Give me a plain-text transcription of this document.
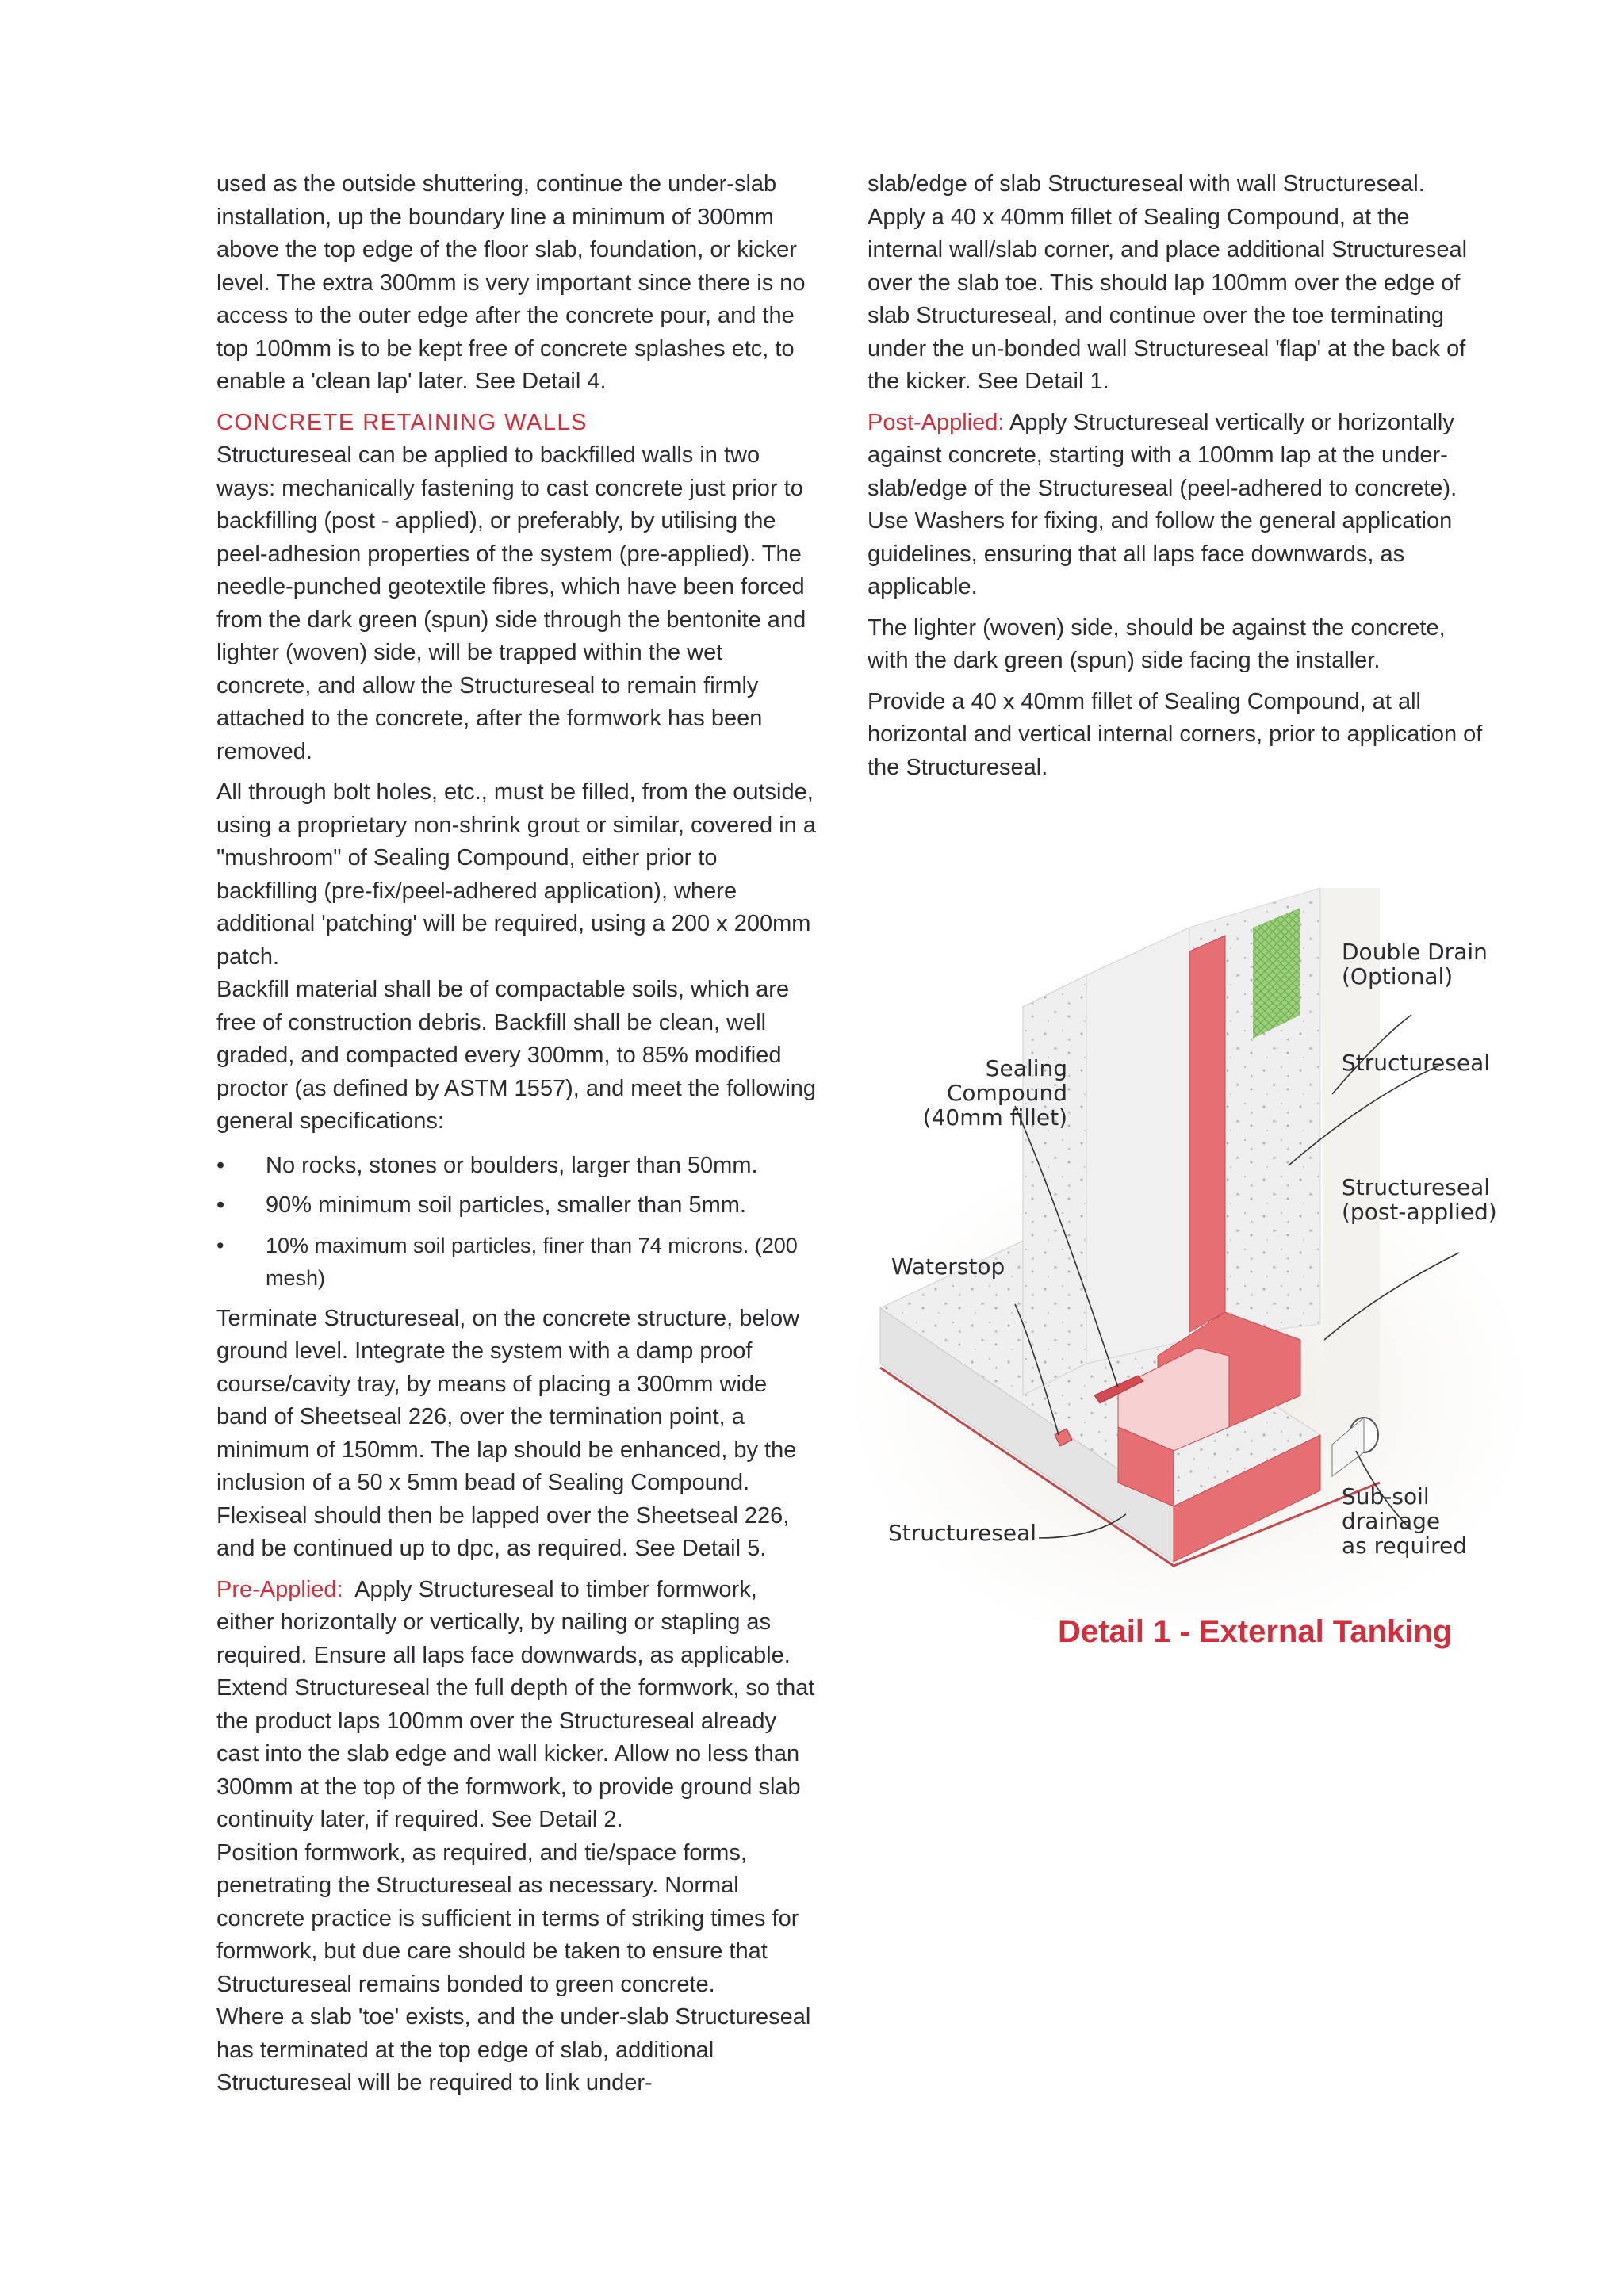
used as the outside shuttering, continue the under-slab installation, up the boundary line a minimum of 300mm above the top edge of the floor slab, foundation, or kicker level. The extra 300mm is very important since there is no access to the outer edge after the concrete pour, and the top 100mm is to be kept free of concrete splashes etc, to enable a 'clean lap' later. See Detail 4.

CONCRETE RETAINING WALLS

Structureseal can be applied to backfilled walls in two ways: mechanically fastening to cast concrete just prior to backfilling (post - applied), or preferably, by utilising the peel-adhesion properties of the system (pre-applied). The needle-punched geotextile fibres, which have been forced from the dark green (spun) side through the bentonite and lighter (woven) side, will be trapped within the wet concrete, and allow the Structureseal to remain firmly attached to the concrete, after the formwork has been removed.

All through bolt holes, etc., must be filled, from the outside, using a proprietary non-shrink grout or similar, covered in a "mushroom" of Sealing Compound, either prior to backfilling (pre-fix/peel-adhered application), where additional 'patching' will be required, using a 200 x 200mm patch.

Backfill material shall be of compactable soils, which are free of construction debris. Backfill shall be clean, well graded, and compacted every 300mm, to 85% modified proctor (as defined by ASTM 1557), and meet the following general specifications:

• No rocks, stones or boulders, larger than 50mm.
• 90% minimum soil particles, smaller than 5mm.
• 10% maximum soil particles, finer than 74 microns. (200 mesh)

Terminate Structureseal, on the concrete structure, below ground level. Integrate the system with a damp proof course/cavity tray, by means of placing a 300mm wide band of Sheetseal 226, over the termination point, a minimum of 150mm. The lap should be enhanced, by the inclusion of a 50 x 5mm bead of Sealing Compound. Flexiseal should then be lapped over the Sheetseal 226, and be continued up to dpc, as required. See Detail 5.

Pre-Applied: Apply Structureseal to timber formwork, either horizontally or vertically, by nailing or stapling as required. Ensure all laps face downwards, as applicable. Extend Structureseal the full depth of the formwork, so that the product laps 100mm over the Structureseal already cast into the slab edge and wall kicker. Allow no less than 300mm at the top of the formwork, to provide ground slab continuity later, if required. See Detail 2.

Position formwork, as required, and tie/space forms, penetrating the Structureseal as necessary. Normal concrete practice is sufficient in terms of striking times for formwork, but due care should be taken to ensure that Structureseal remains bonded to green concrete.

Where a slab 'toe' exists, and the under-slab Structureseal has terminated at the top edge of slab, additional Structureseal will be required to link under-

slab/edge of slab Structureseal with wall Structureseal. Apply a 40 x 40mm fillet of Sealing Compound, at the internal wall/slab corner, and place additional Structureseal over the slab toe. This should lap 100mm over the edge of slab Structureseal, and continue over the toe terminating under the un-bonded wall Structureseal 'flap' at the back of the kicker. See Detail 1.

Post-Applied: Apply Structureseal vertically or horizontally against concrete, starting with a 100mm lap at the under-slab/edge of the Structureseal (peel-adhered to concrete). Use Washers for fixing, and follow the general application guidelines, ensuring that all laps face downwards, as applicable.

The lighter (woven) side, should be against the concrete, with the dark green (spun) side facing the installer.

Provide a 40 x 40mm fillet of Sealing Compound, at all horizontal and vertical internal corners, prior to application of the Structureseal.

Double Drain
(Optional)
Structureseal
Sealing
Compound
(40mm fillet)
Structureseal
(post-applied)
Waterstop
Sub-soil
drainage
as required
Structureseal
Detail 1 - External Tanking
